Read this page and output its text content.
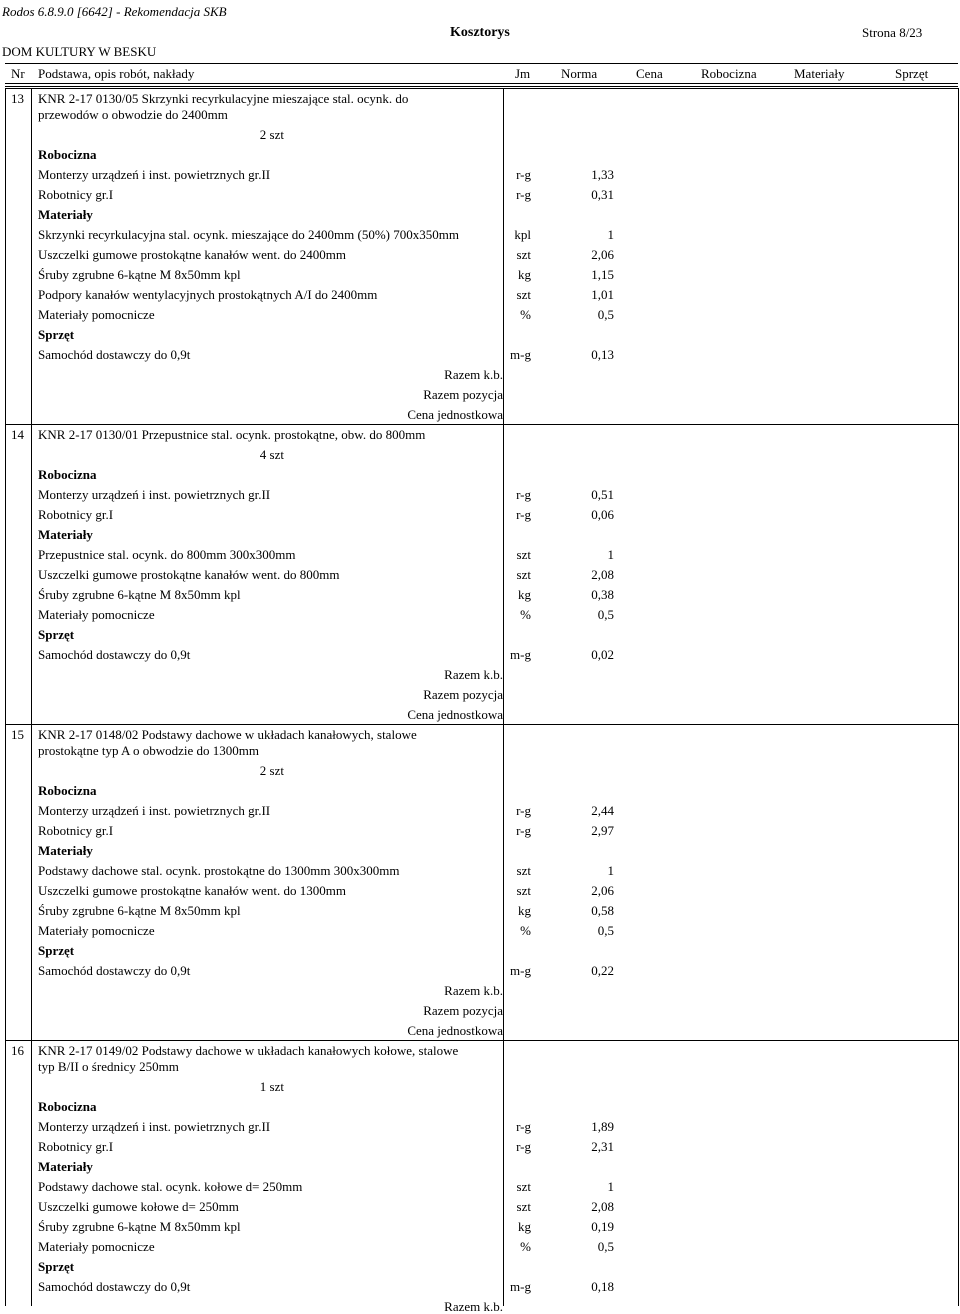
Rodos 6.8.9.0 [6642] - Rekomendacja SKB
Kosztorys	Strona 8/23
DOM KULTURY W BESKU
Nr Podstawa, opis robót, nakłady	Jm Norma	Cena	Robocizna	Materiały	Sprzęt
13 KNR 2-17 0130/05 Skrzynki recyrkulacyjne mieszające stal. ocynk. do
przewodów o obwodzie do 2400mm
2 szt
Robocizna
Monterzy urządzeń i inst. powietrznych gr.II	r-g	1,33
Robotnicy gr.I	r-g	0,31
Materiały
Skrzynki recyrkulacyjna stal. ocynk. mieszające do 2400mm (50%) 700x350mm	kpl	1
Uszczelki gumowe prostokątne kanałów went. do 2400mm	szt	2,06
Śruby zgrubne 6-kątne M 8x50mm kpl	kg	1,15
Podpory kanałów wentylacyjnych prostokątnych A/I do 2400mm	szt	1,01
Materiały pomocnicze	%	0,5
Sprzęt
Samochód dostawczy do 0,9t	m-g	0,13
Razem k.b.
Razem pozycja
Cena jednostkowa
14 KNR 2-17 0130/01 Przepustnice stal. ocynk. prostokątne, obw. do 800mm
4 szt
Robocizna
Monterzy urządzeń i inst. powietrznych gr.II	r-g	0,51
Robotnicy gr.I	r-g	0,06
Materiały
Przepustnice stal. ocynk. do 800mm 300x300mm	szt	1
Uszczelki gumowe prostokątne kanałów went. do 800mm	szt	2,08
Śruby zgrubne 6-kątne M 8x50mm kpl	kg	0,38
Materiały pomocnicze	%	0,5
Sprzęt
Samochód dostawczy do 0,9t	m-g	0,02
Razem k.b.
Razem pozycja
Cena jednostkowa
15 KNR 2-17 0148/02 Podstawy dachowe w układach kanałowych, stalowe
prostokątne typ A o obwodzie do 1300mm
2 szt
Robocizna
Monterzy urządzeń i inst. powietrznych gr.II	r-g	2,44
Robotnicy gr.I	r-g	2,97
Materiały
Podstawy dachowe stal. ocynk. prostokątne do 1300mm 300x300mm	szt	1
Uszczelki gumowe prostokątne kanałów went. do 1300mm	szt	2,06
Śruby zgrubne 6-kątne M 8x50mm kpl	kg	0,58
Materiały pomocnicze	%	0,5
Sprzęt
Samochód dostawczy do 0,9t	m-g	0,22
Razem k.b.
Razem pozycja
Cena jednostkowa
16 KNR 2-17 0149/02 Podstawy dachowe w układach kanałowych kołowe, stalowe
typ B/II o średnicy 250mm
1 szt
Robocizna
Monterzy urządzeń i inst. powietrznych gr.II	r-g	1,89
Robotnicy gr.I	r-g	2,31
Materiały
Podstawy dachowe stal. ocynk. kołowe d= 250mm	szt	1
Uszczelki gumowe kołowe d= 250mm	szt	2,08
Śruby zgrubne 6-kątne M 8x50mm kpl	kg	0,19
Materiały pomocnicze	%	0,5
Sprzęt
Samochód dostawczy do 0,9t	m-g	0,18
Razem k.b.
